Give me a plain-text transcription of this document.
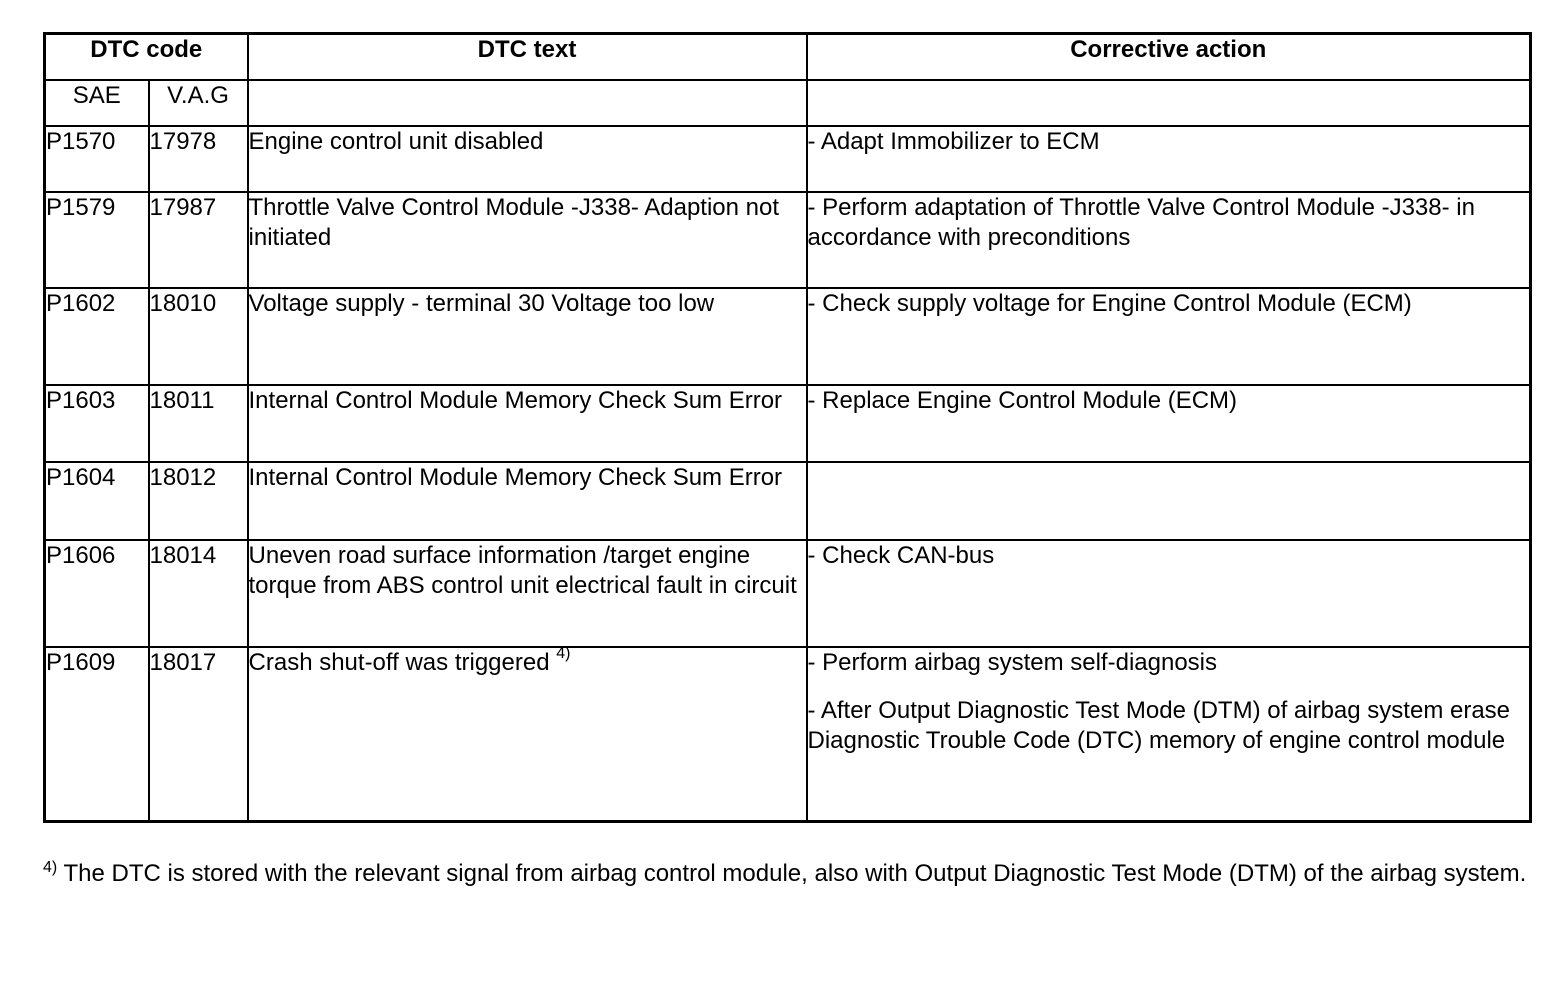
DTC code		DTC text	Corrective action
SAE	V.A.G		
P1570	17978	Engine control unit disabled	- Adapt Immobilizer to ECM

P1579	17987	Throttle Valve Control Module -J338- Adaption not initiated	- Perform adaptation of Throttle Valve Control Module -J338- in accordance with preconditions

P1602	18010	Voltage supply - terminal 30 Voltage too low	- Check supply voltage for Engine Control Module (ECM)

P1603	18011	Internal Control Module Memory Check Sum Error	- Replace Engine Control Module (ECM)

P1604	18012	Internal Control Module Memory Check Sum Error	
P1606	18014	Uneven road surface information /target engine torque from ABS control unit electrical fault in circuit	- Check CAN-bus

P1609	18017	Crash shut-off was triggered $^{4)}$	- Perform airbag system self-diagnosis

- After Output Diagnostic Test Mode (DTM) of airbag system erase Diagnostic Trouble Code (DTC) memory of engine control module

$^{4)}$ The DTC is stored with the relevant signal from airbag control module, also with Output Diagnostic Test Mode (DTM) of the airbag system.
